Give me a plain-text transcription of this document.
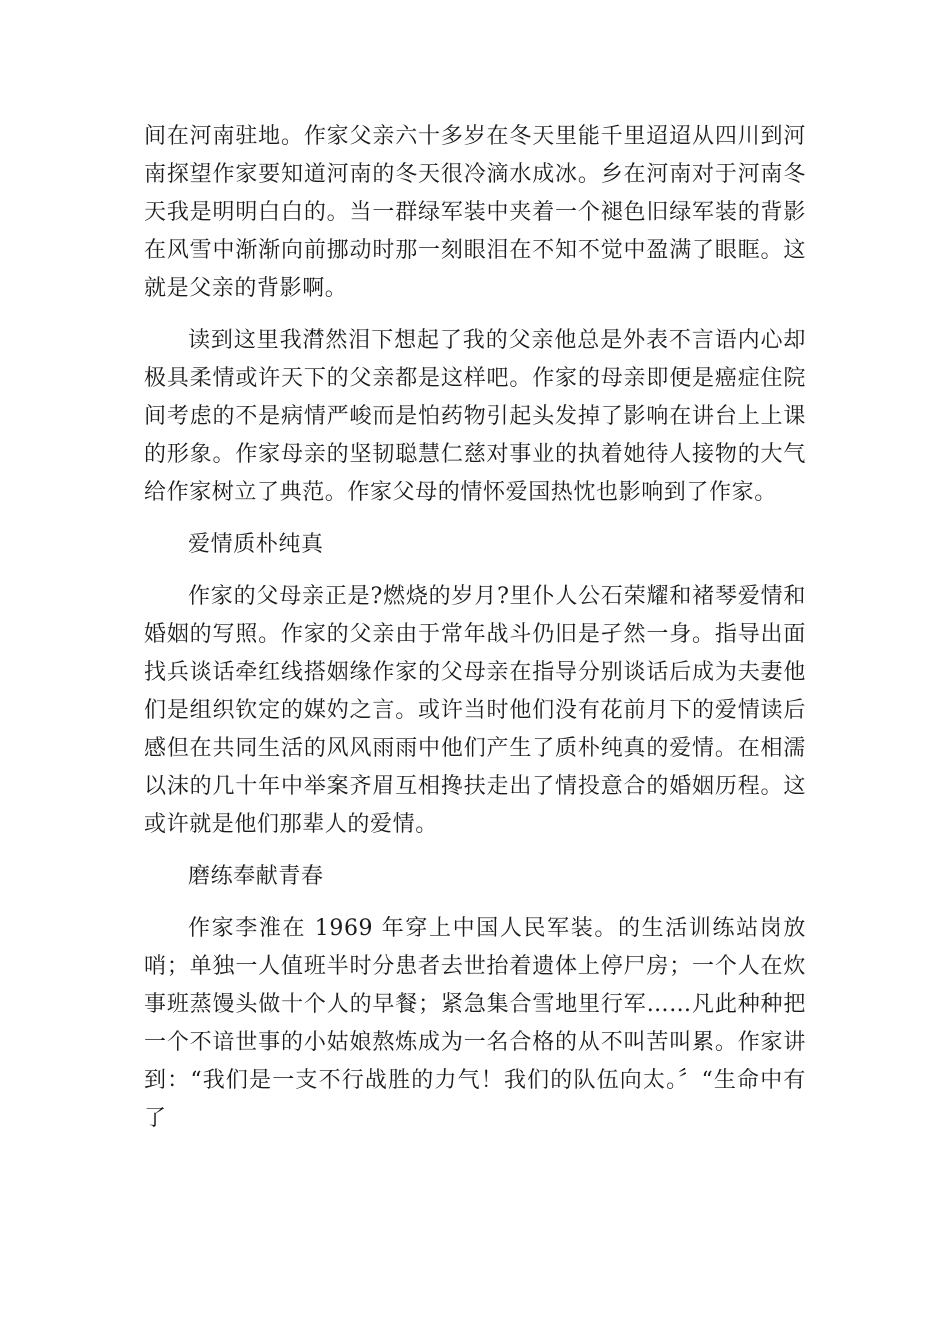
间在河南驻地。作家父亲六十多岁在冬天里能千里迢迢从四川到河南探望作家要知道河南的冬天很冷滴水成冰。乡在河南对于河南冬天我是明明白白的。当一群绿军装中夹着一个褪色旧绿军装的背影在风雪中渐渐向前挪动时那一刻眼泪在不知不觉中盈满了眼眶。这就是父亲的背影啊。

读到这里我潸然泪下想起了我的父亲他总是外表不言语内心却极具柔情或许天下的父亲都是这样吧。作家的母亲即便是癌症住院间考虑的不是病情严峻而是怕药物引起头发掉了影响在讲台上上课的形象。作家母亲的坚韧聪慧仁慈对事业的执着她待人接物的大气给作家树立了典范。作家父母的情怀爱国热忱也影响到了作家。

爱情质朴纯真

作家的父母亲正是?燃烧的岁月?里仆人公石荣耀和褚琴爱情和婚姻的写照。作家的父亲由于常年战斗仍旧是孑然一身。指导出面找兵谈话牵红线搭姻缘作家的父母亲在指导分别谈话后成为夫妻他们是组织钦定的媒妁之言。或许当时他们没有花前月下的爱情读后感但在共同生活的风风雨雨中他们产生了质朴纯真的爱情。在相濡以沫的几十年中举案齐眉互相搀扶走出了情投意合的婚姻历程。这或许就是他们那辈人的爱情。

磨练奉献青春

作家李淮在 1969 年穿上中国人民军装。的生活训练站岗放哨；单独一人值班半时分患者去世抬着遗体上停尸房；一个人在炊事班蒸馒头做十个人的早餐；紧急集合雪地里行军……凡此种种把一个不谙世事的小姑娘熬炼成为一名合格的从不叫苦叫累。作家讲到：“我们是一支不行战胜的力气！我们的队伍向太。〞“生命中有了
